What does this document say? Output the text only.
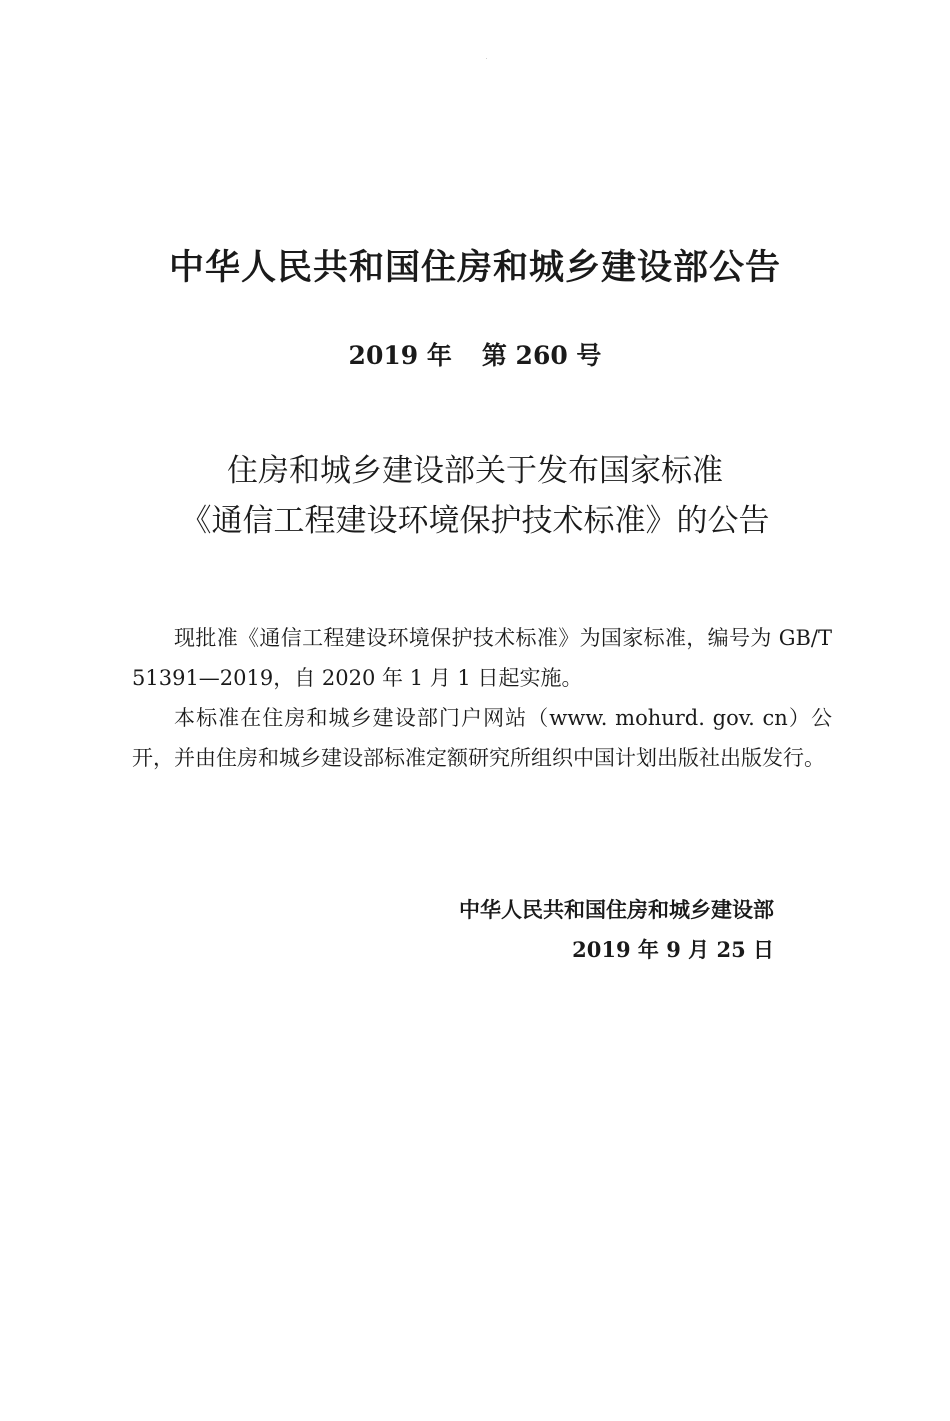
中华人民共和国住房和城乡建设部公告
2019 年 第 260 号
住房和城乡建设部关于发布国家标准
《通信工程建设环境保护技术标准》的公告

现批准《通信工程建设环境保护技术标准》为国家标准，编号为 GB/T 51391—2019，自 2020 年 1 月 1 日起实施。

本标准在住房和城乡建设部门户网站（www. mohurd. gov. cn）公开，并由住房和城乡建设部标准定额研究所组织中国计划出版社出版发行。

中华人民共和国住房和城乡建设部
2019 年 9 月 25 日
